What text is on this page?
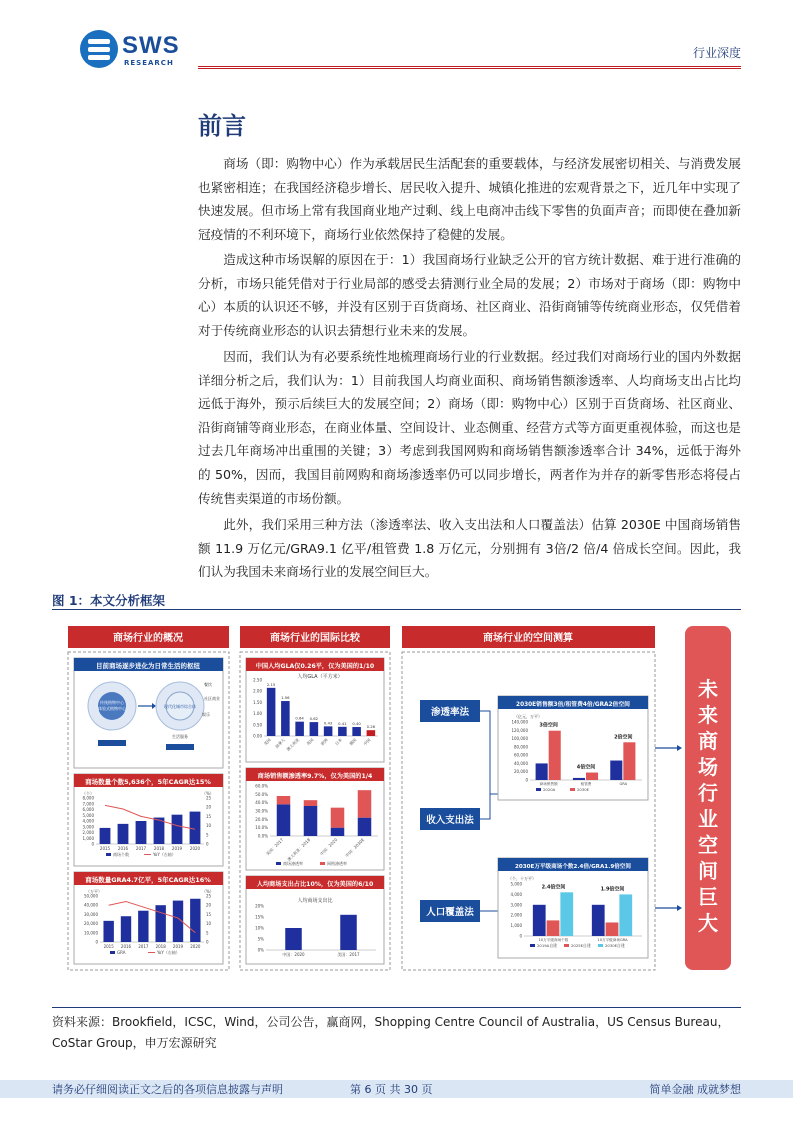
SWS
RESEARCH
行业深度
前言

商场（即：购物中心）作为承载居民生活配套的重要载体，与经济发展密切相关、与消费发展也紧密相连；在我国经济稳步增长、居民收入提升、城镇化推进的宏观背景之下，近几年中实现了快速发展。但市场上常有我国商业地产过剩、线上电商冲击线下零售的负面声音；而即使在叠加新冠疫情的不利环境下，商场行业依然保持了稳健的发展。

造成这种市场误解的原因在于：1）我国商场行业缺乏公开的官方统计数据、难于进行准确的分析，市场只能凭借对于行业局部的感受去猜测行业全局的发展；2）市场对于商场（即：购物中心）本质的认识还不够，并没有区别于百货商场、社区商业、沿街商铺等传统商业形态，仅凭借着对于传统商业形态的认识去猜想行业未来的发展。

因而，我们认为有必要系统性地梳理商场行业的行业数据。经过我们对商场行业的国内外数据详细分析之后，我们认为：1）目前我国人均商业面积、商场销售额渗透率、人均商场支出占比均远低于海外，预示后续巨大的发展空间；2）商场（即：购物中心）区别于百货商场、社区商业、沿街商铺等商业形态，在商业体量、空间设计、业态侧重、经营方式等方面更重视体验，而这也是过去几年商场冲出重围的关键；3）考虑到我国网购和商场销售额渗透率合计 34%，远低于海外的 50%，因而，我国目前网购和商场渗透率仍可以同步增长，两者作为并存的新零售形态将侵占传统售卖渠道的市场份额。

此外，我们采用三种方法（渗透率法、收入支出法和人口覆盖法）估算 2030E 中国商场销售额 11.9 万亿元/GRA9.1 亿平/租管费 1.8 万亿元，分别拥有 3倍/2 倍/4 倍成长空间。因此，我们认为我国未来商场行业的发展空间巨大。

图 1：本文分析框架
商场行业的概况	商场行业的国际比较	商场行业的空间测算
未
来
商
场
行
业
空
间
巨
大
目前商场逐步进化为日常生活的枢纽
传统购物中心
体验式购物中心	现代化城市综合体
餐饮
社区商业
娱乐
生活服务
商场数量个数5,636个，5年CAGR达15%
0
1,000
2,000
3,000
4,000
5,000
6,000
7,000
8,000
0
5
10
15
20
25
（个）	（%）
2015 2016 2017 2018 2019 2020
商场个数	YoY（右轴）
商场数量GRA4.7亿平，5年CAGR达16%
0
10,000
20,000
30,000
40,000
50,000
0
5
10
15
20
25
（万平）	（%）
2015 2016 2017 2018 2019 2020
GRA	YoY（右轴）
中国人均GLA仅0.26平，仅为美国的1/10
0.00
0.50
1.00
1.50
2.00
2.50	人均GLA（平方米）
2.15
美国
1.56
加拿大
0.64
澳大利亚
0.62
英国
0.43
欧洲
0.41
日本
0.40
德国
0.26
中国
商场销售额渗透率9.7%，仅为美国的1/4
0.0%
10.0%
20.0%
30.0%
40.0%
50.0%
60.0%
美国：2017 澳大利亚：2018 中国：2020 中国：2030E
商场渗透率	网购渗透率
人均商场支出占比10%，仅为美国的6/10
0%
5%
10%
15%
20%
人均商场支出比
中国：2020	美国：2017
渗透率法
收入支出法
人口覆盖法
2030E销售额3倍/租管费4倍/GRA2倍空间
0
20,000
40,000
60,000
80,000
100,000
120,000
140,000
（亿元，万平）
3倍空间
商场销售额
4倍空间
租管费
2倍空间
GRA
2020A	2030E
2030E万平级商场个数2.4倍/GRA1.9倍空间
0
1,000
2,000
3,000
4,000
5,000
（个，十万平）
2.4倍空间
10万平级商场个数
1.9倍空间
10万平级商场GRA
2019A自建	2025E自建	2030E自建
资料来源：Brookfield，ICSC，Wind，公司公告，赢商网，Shopping Centre Council of Australia，US Census Bureau，CoStar Group，申万宏源研究
请务必仔细阅读正文之后的各项信息披露与声明	第 6 页 共 30 页	简单金融 成就梦想
